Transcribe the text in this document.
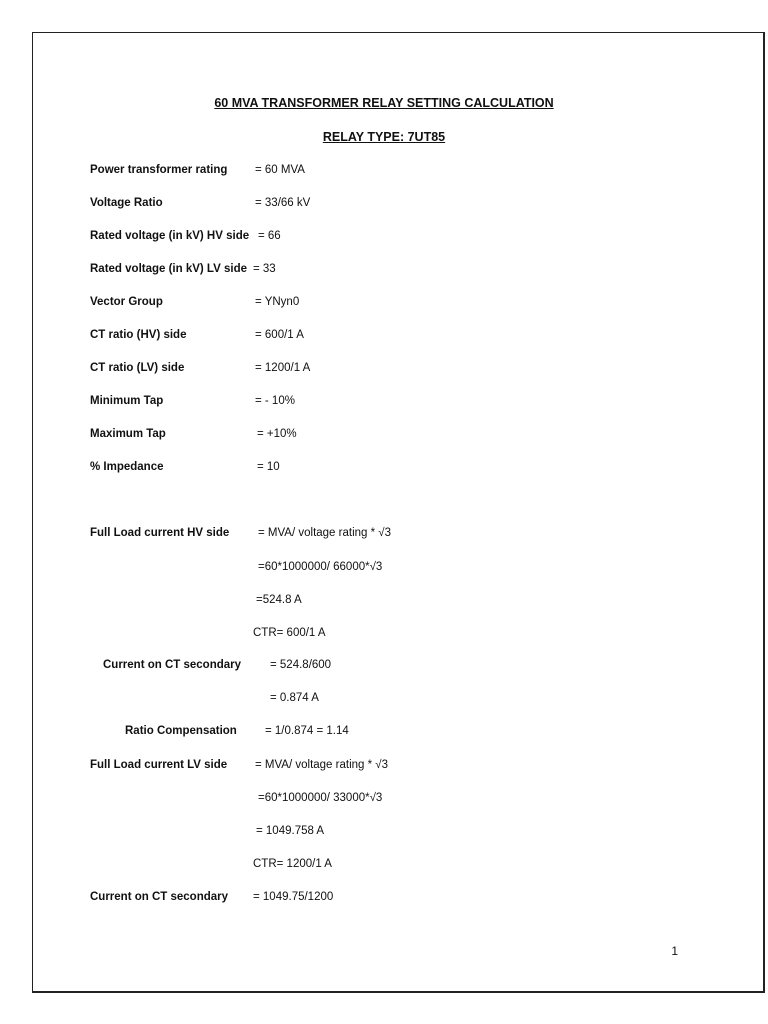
60 MVA TRANSFORMER RELAY SETTING CALCULATION
RELAY TYPE: 7UT85
Power transformer rating = 60 MVA
Voltage Ratio	= 33/66 kV
Rated voltage (in kV) HV side = 66
Rated voltage (in kV) LV side = 33
Vector Group	= YNyn0
CT ratio (HV) side	= 600/1 A
CT ratio (LV) side	= 1200/1 A
Minimum Tap	= - 10%
Maximum Tap	= +10%
% Impedance	= 10
Full Load current HV side = MVA/ voltage rating * √3
=60*1000000/ 66000*√3
=524.8 A
CTR= 600/1 A
Current on CT secondary	= 524.8/600
= 0.874 A
Ratio Compensation = 1/0.874 = 1.14
Full Load current LV side = MVA/ voltage rating * √3
=60*1000000/ 33000*√3
= 1049.758 A
CTR= 1200/1 A
Current on CT secondary = 1049.75/1200
1
